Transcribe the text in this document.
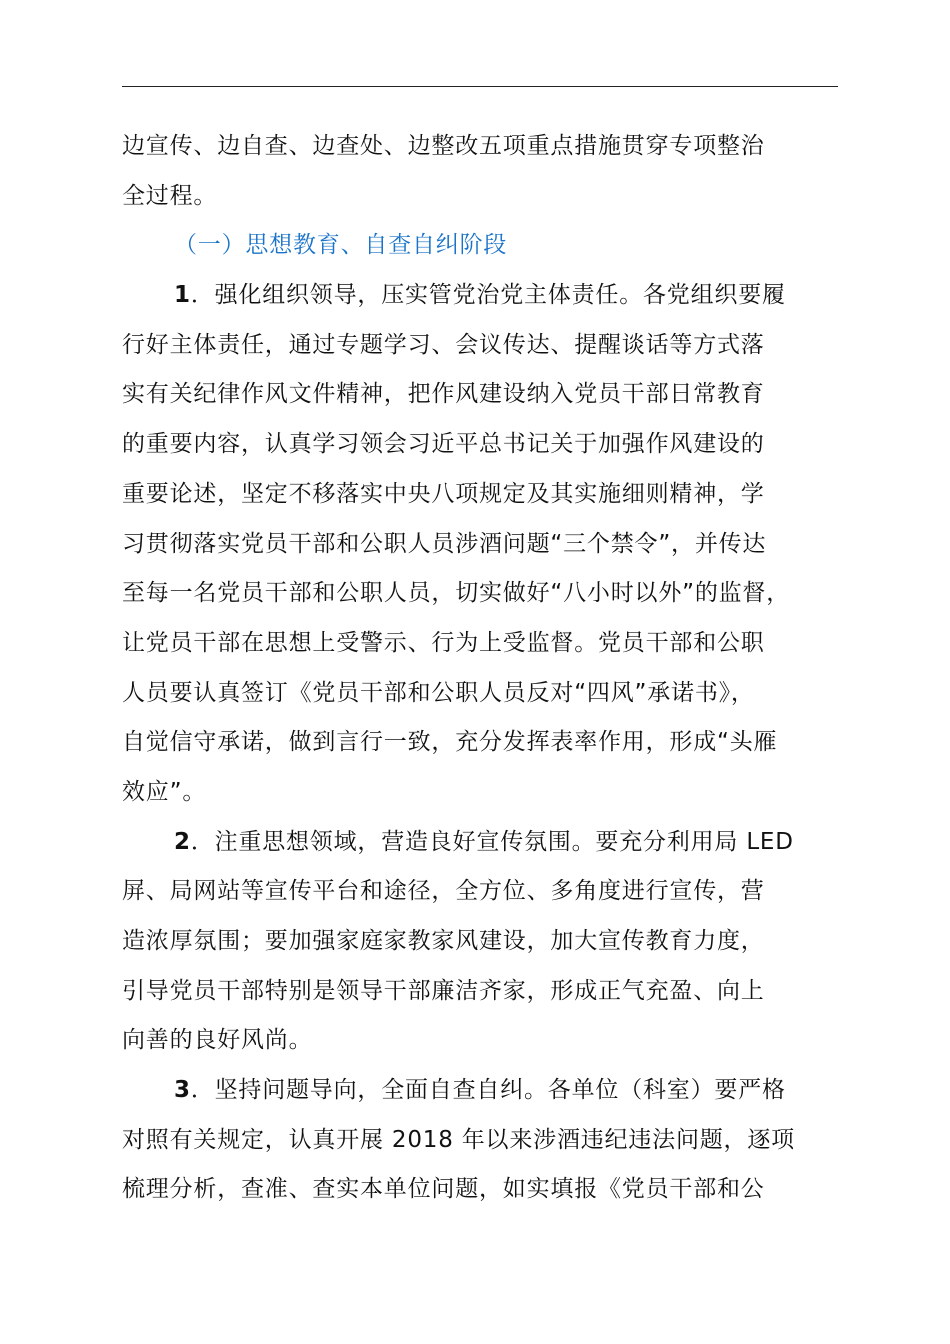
边宣传、边自查、边查处、边整改五项重点措施贯穿专项整治
全过程。
（一）思想教育、自查自纠阶段
1．强化组织领导，压实管党治党主体责任。各党组织要履
行好主体责任，通过专题学习、会议传达、提醒谈话等方式落
实有关纪律作风文件精神，把作风建设纳入党员干部日常教育
的重要内容，认真学习领会习近平总书记关于加强作风建设的
重要论述，坚定不移落实中央八项规定及其实施细则精神，学
习贯彻落实党员干部和公职人员涉酒问题“三个禁令”，并传达
至每一名党员干部和公职人员，切实做好“八小时以外”的监督，
让党员干部在思想上受警示、行为上受监督。党员干部和公职
人员要认真签订《党员干部和公职人员反对“四风”承诺书》，
自觉信守承诺，做到言行一致，充分发挥表率作用，形成“头雁
效应”。
2．注重思想领域，营造良好宣传氛围。要充分利用局 LED
屏、局网站等宣传平台和途径，全方位、多角度进行宣传，营
造浓厚氛围；要加强家庭家教家风建设，加大宣传教育力度，
引导党员干部特别是领导干部廉洁齐家，形成正气充盈、向上
向善的良好风尚。
3．坚持问题导向，全面自查自纠。各单位（科室）要严格
对照有关规定，认真开展 2018 年以来涉酒违纪违法问题，逐项
梳理分析，查准、查实本单位问题，如实填报《党员干部和公
